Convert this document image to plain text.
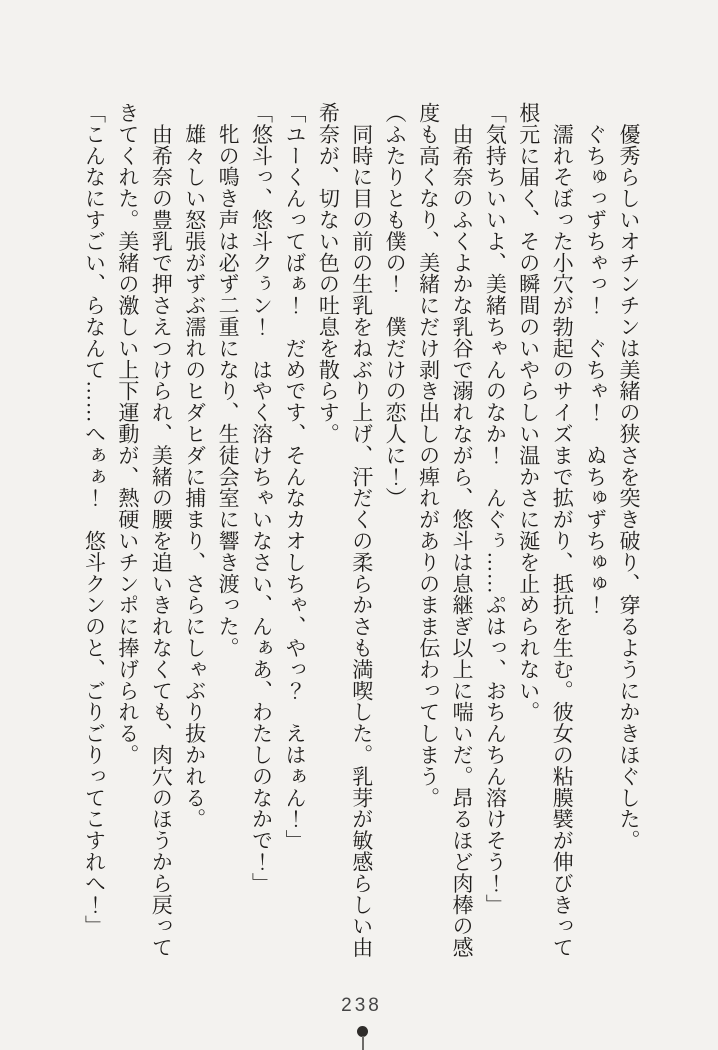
　優秀らしいオチンチンは美緒の狭さを突き破り、穿るようにかきほぐした。

　ぐちゅっずちゃっ！　ぐちゃ！　ぬちゅずちゅゅ！

　濡れそぼった小穴が勃起のサイズまで拡がり、抵抗を生む。彼女の粘膜襞が伸びきって根元に届く、その瞬間のいやらしい温かさに涎を止められない。

「気持ちいいよ、美緒ちゃんのなか！　んぐぅ……ぷはっ、おちんちん溶けそう！」

　由希奈のふくよかな乳谷で溺れながら、悠斗は息継ぎ以上に喘いだ。昂るほど肉棒の感度も高くなり、美緒にだけ剥き出しの痺れがありのまま伝わってしまう。

（ふたりとも僕の！　僕だけの恋人に！）

　同時に目の前の生乳をねぶり上げ、汗だくの柔らかさも満喫した。乳芽が敏感らしい由希奈が、切ない色の吐息を散らす。

「ユーくんってばぁ！　だめです、そんなカオしちゃ、やっ？　えはぁん！」

「悠斗っ、悠斗クぅン！　はやく溶けちゃいなさい、んぁあ、わたしのなかで！」

　牝の鳴き声は必ず二重になり、生徒会室に響き渡った。

　雄々しい怒張がずぶ濡れのヒダヒダに捕まり、さらにしゃぶり抜かれる。

　由希奈の豊乳で押さえつけられ、美緒の腰を追いきれなくても、肉穴のほうから戻ってきてくれた。美緒の激しい上下運動が、熱硬いチンポに捧げられる。

「こんなにすごい、らなんて……へぁぁ！　悠斗クンのと、ごりごりってこすれへ！」

238
